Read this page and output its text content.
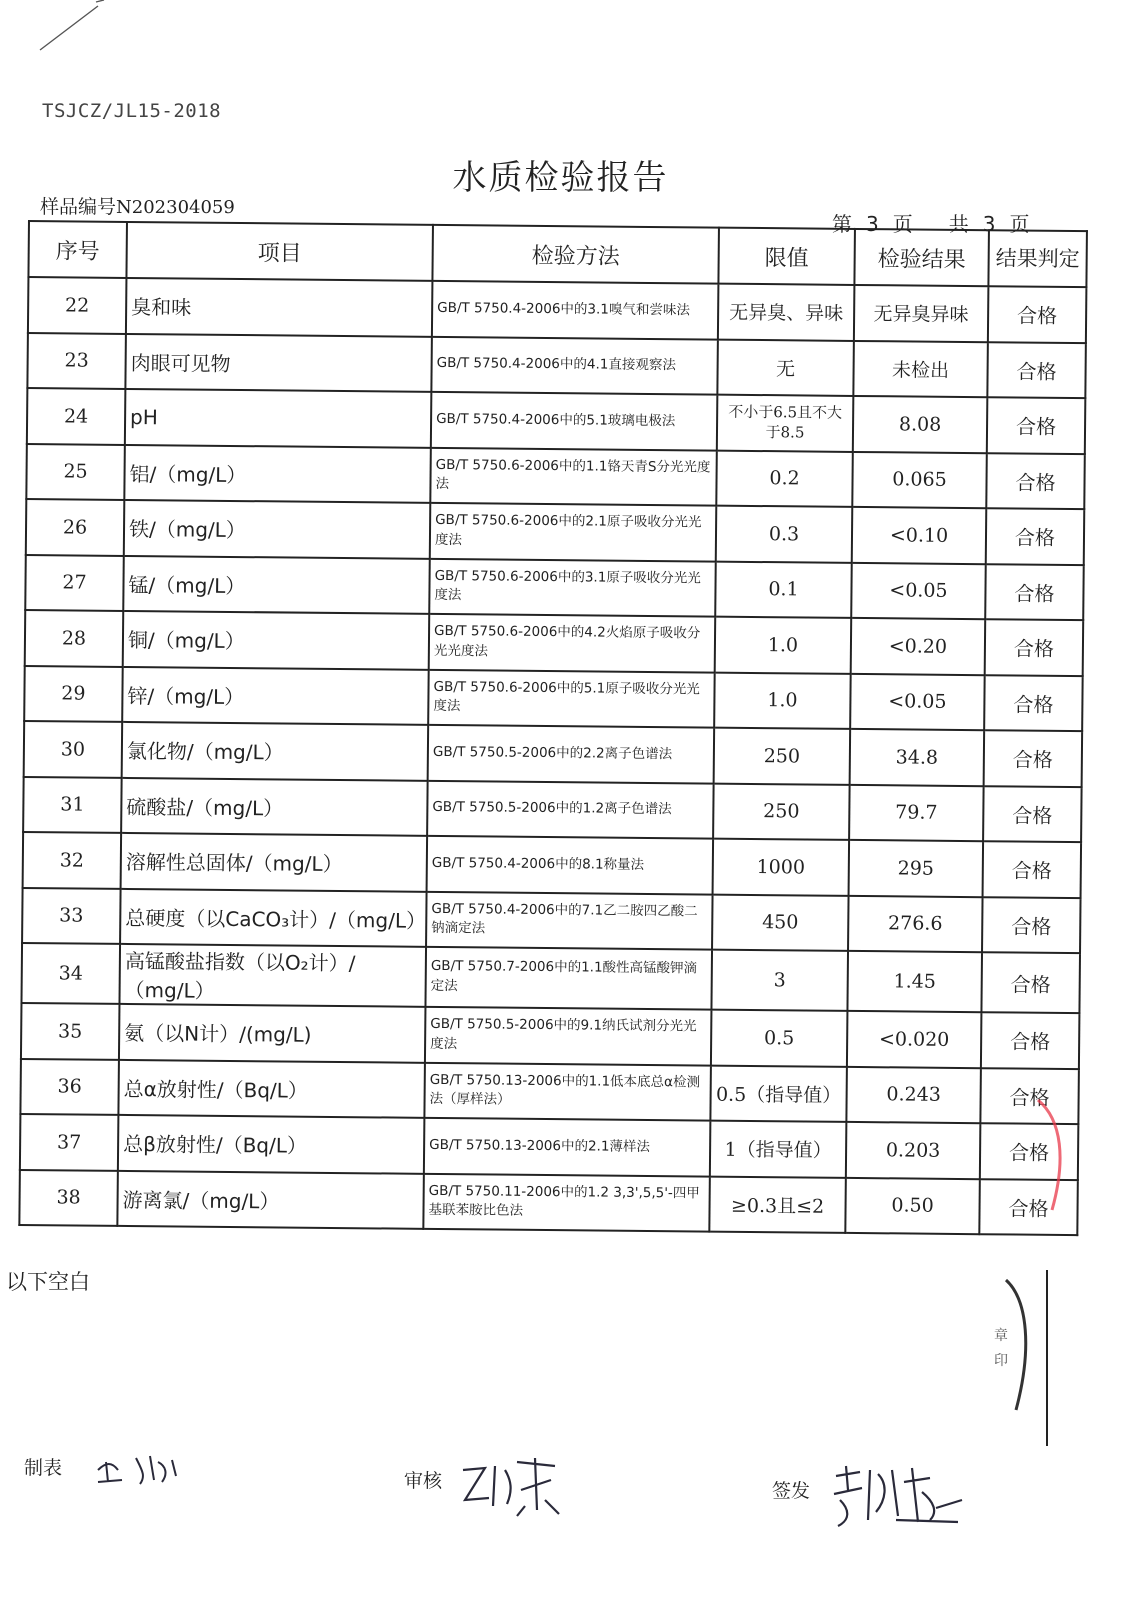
TSJCZ/JL15-2018
水质检验报告
样品编号N202304059
第 3 页 共 3 页
序号	项目	检验方法	限值	检验结果	结果判定
22	臭和味	GB/T 5750.4-2006中的3.1嗅气和尝味法	无异臭、异味	无异臭异味	合格
23	肉眼可见物	GB/T 5750.4-2006中的4.1直接观察法	无	未检出	合格
24	pH	GB/T 5750.4-2006中的5.1玻璃电极法	不小于6.5且不大于8.5	8.08	合格
25	铝/（mg/L）	GB/T 5750.6-2006中的1.1铬天青S分光光度法	0.2	0.065	合格
26	铁/（mg/L）	GB/T 5750.6-2006中的2.1原子吸收分光光度法	0.3	<0.10	合格
27	锰/（mg/L）	GB/T 5750.6-2006中的3.1原子吸收分光光度法	0.1	<0.05	合格
28	铜/（mg/L）	GB/T 5750.6-2006中的4.2火焰原子吸收分光光度法	1.0	<0.20	合格
29	锌/（mg/L）	GB/T 5750.6-2006中的5.1原子吸收分光光度法	1.0	<0.05	合格
30	氯化物/（mg/L）	GB/T 5750.5-2006中的2.2离子色谱法	250	34.8	合格
31	硫酸盐/（mg/L）	GB/T 5750.5-2006中的1.2离子色谱法	250	79.7	合格
32	溶解性总固体/（mg/L）	GB/T 5750.4-2006中的8.1称量法	1000	295	合格
33	总硬度（以CaCO₃计）/（mg/L）	GB/T 5750.4-2006中的7.1乙二胺四乙酸二钠滴定法	450	276.6	合格
34	高锰酸盐指数（以O₂计）/（mg/L）	GB/T 5750.7-2006中的1.1酸性高锰酸钾滴定法	3	1.45	合格
35	氨（以N计）/(mg/L)	GB/T 5750.5-2006中的9.1纳氏试剂分光光度法	0.5	<0.020	合格
36	总α放射性/（Bq/L）	GB/T 5750.13-2006中的1.1低本底总α检测法（厚样法）	0.5（指导值）	0.243	合格
37	总β放射性/（Bq/L）	GB/T 5750.13-2006中的2.1薄样法	1（指导值）	0.203	合格
38	游离氯/（mg/L）	GB/T 5750.11-2006中的1.2 3,3',5,5'-四甲基联苯胺比色法	≥0.3且≤2	0.50	合格
以下空白
章
印
制表
审核	签发
